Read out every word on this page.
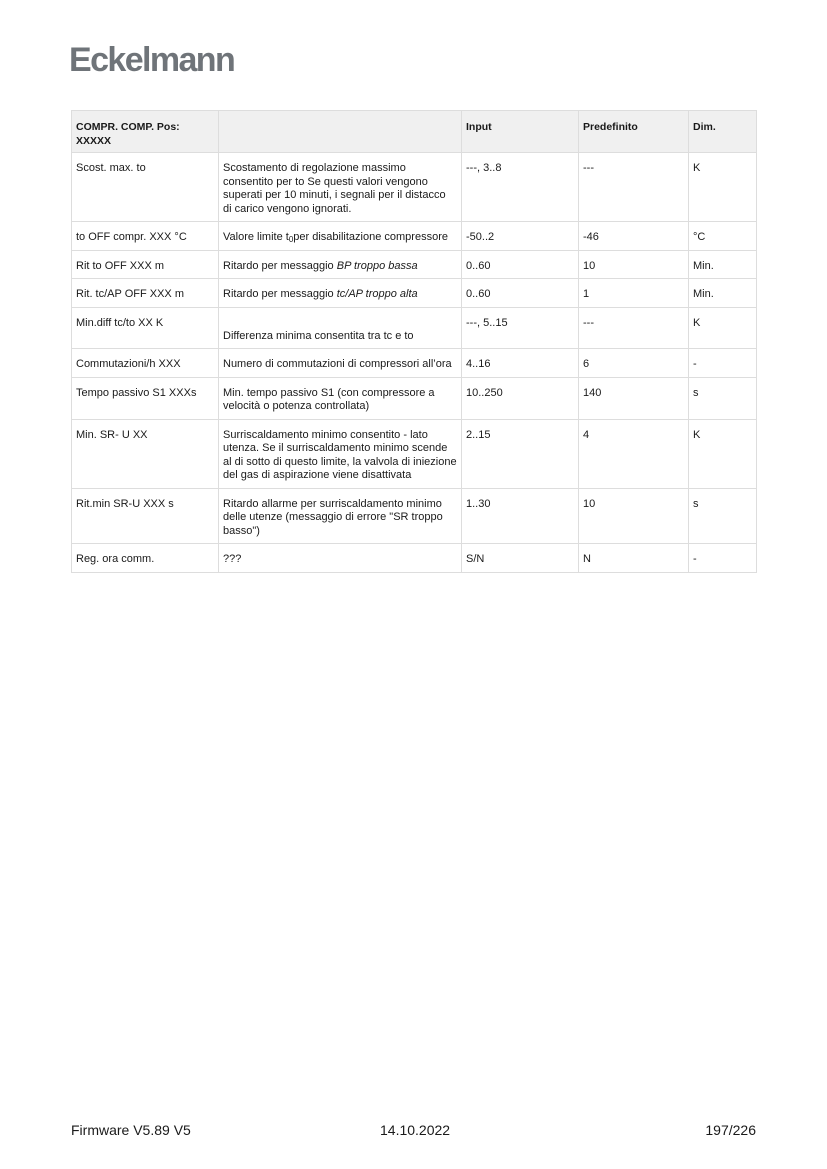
Eckelmann
COMPR. COMP. Pos: XXXXX		Input	Predefinito	Dim.
Scost. max. to	Scostamento di regolazione massimo consentito per to Se questi valori vengono superati per 10 minuti, i segnali per il distacco di carico vengono ignorati.	---, 3..8	---	K
to OFF compr. XXX °C	Valore limite $t_0per$ disabilitazione compressore	-50..2	-46	°C
Rit to OFF XXX m	Ritardo per messaggio BP troppo bassa	0..60	10	Min.
Rit. tc/AP OFF XXX m	Ritardo per messaggio tc/AP troppo alta	0..60	1	Min.
Min.diff tc/to XX K	Differenza minima consentita tra tc e to	---, 5..15	---	K
Commutazioni/h XXX	Numero di commutazioni di compressori all’ora	4..16	6	-
Tempo passivo S1 XXXs	Min. tempo passivo S1 (con compressore a velocità o potenza controllata)	10..250	140	s
Min. SR- U XX	Surriscaldamento minimo consentito - lato utenza. Se il surriscaldamento minimo scende al di sotto di questo limite, la valvola di iniezione del gas di aspirazione viene disattivata	2..15	4	K
Rit.min SR-U XXX s	Ritardo allarme per surriscaldamento minimo delle utenze (messaggio di errore "SR troppo basso")	1..30	10	s
Reg. ora comm.	???	S/N	N	-
Firmware V5.89 V5	14.10.2022	197/226
